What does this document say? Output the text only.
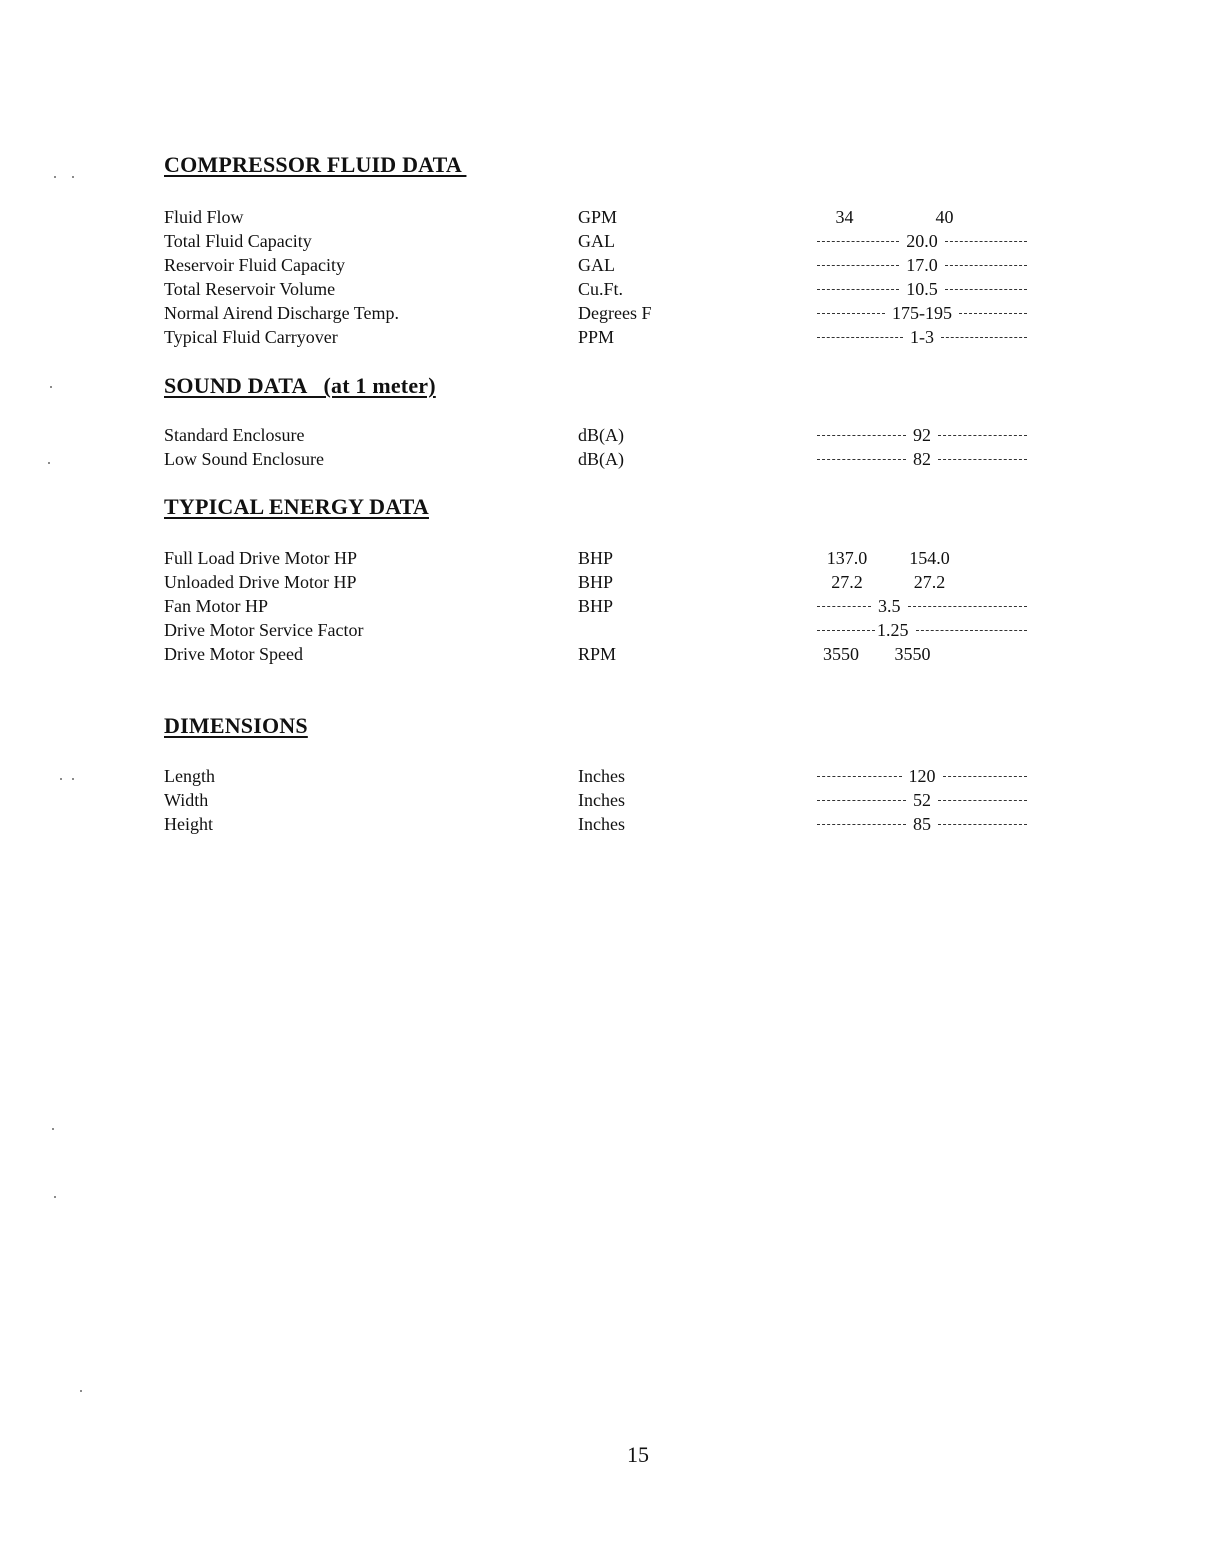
COMPRESSOR FLUID DATA
Fluid Flow	GPM	34	40
Total Fluid Capacity	GAL	20.0
Reservoir Fluid Capacity	GAL	17.0
Total Reservoir Volume	Cu.Ft.	10.5
Normal Airend Discharge Temp.	Degrees F	175-195
Typical Fluid Carryover	PPM	1-3
SOUND DATA   (at 1 meter)
Standard Enclosure	dB(A)	92
Low Sound Enclosure	dB(A)	82
TYPICAL ENERGY DATA
Full Load Drive Motor HP	BHP	137.0	154.0
Unloaded Drive Motor HP	BHP	27.2	27.2
Fan Motor HP	BHP	3.5
Drive Motor Service Factor	1.25
Drive Motor Speed	RPM	3550	3550
DIMENSIONS
Length	Inches	120
Width	Inches	52
Height	Inches	85
15
